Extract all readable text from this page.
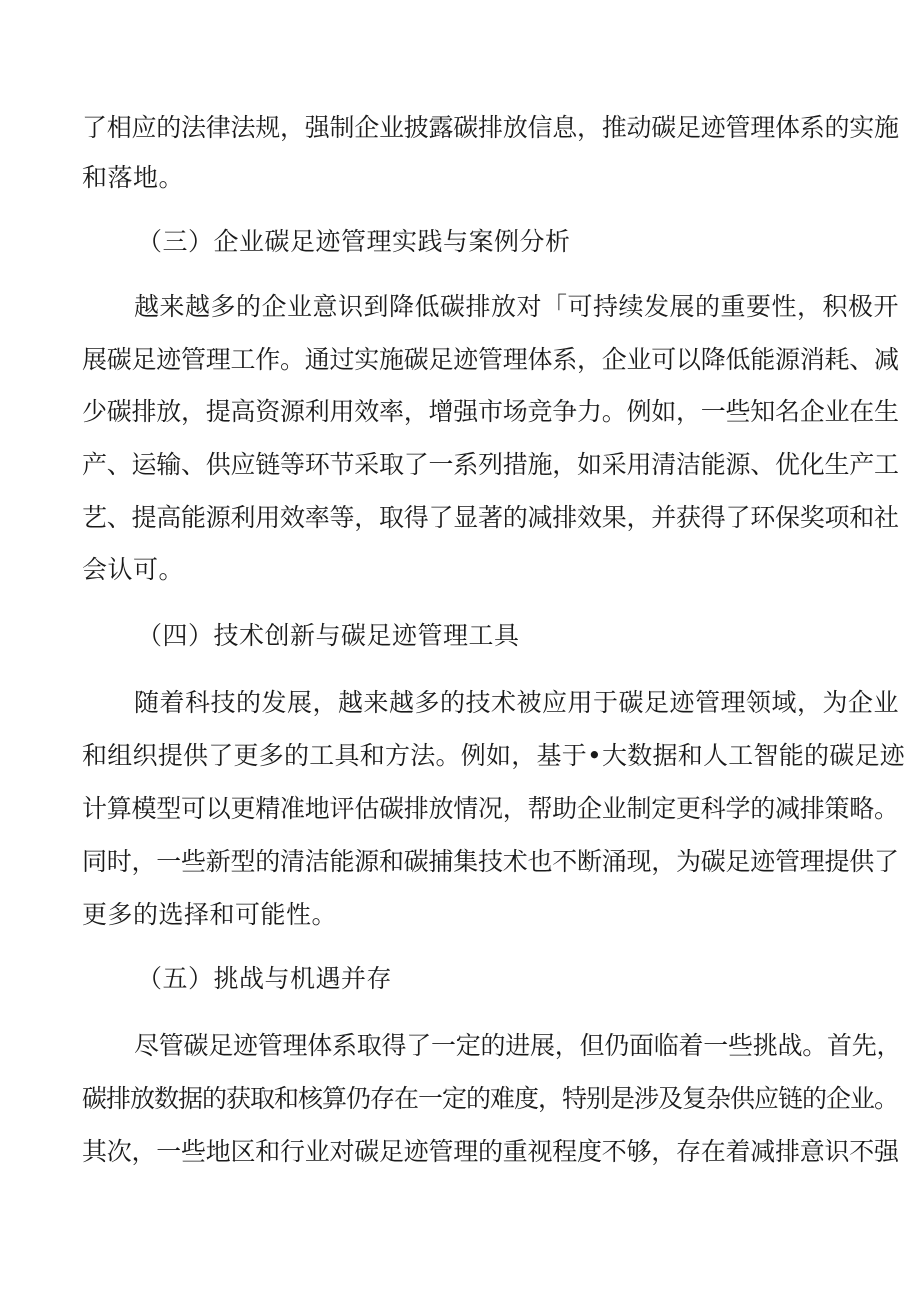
了相应的法律法规，强制企业披露碳排放信息，推动碳足迹管理体系的实施
和落地。
（三）企业碳足迹管理实践与案例分析
越来越多的企业意识到降低碳排放对「可持续发展的重要性，积极开
展碳足迹管理工作。通过实施碳足迹管理体系，企业可以降低能源消耗、减
少碳排放，提高资源利用效率，增强市场竞争力。例如，一些知名企业在生
产、运输、供应链等环节采取了一系列措施，如采用清洁能源、优化生产工
艺、提高能源利用效率等，取得了显著的减排效果，并获得了环保奖项和社
会认可。
（四）技术创新与碳足迹管理工具
随着科技的发展，越来越多的技术被应用于碳足迹管理领域，为企业
和组织提供了更多的工具和方法。例如，基于•大数据和人工智能的碳足迹
计算模型可以更精准地评估碳排放情况，帮助企业制定更科学的减排策略。
同时，一些新型的清洁能源和碳捕集技术也不断涌现，为碳足迹管理提供了
更多的选择和可能性。
（五）挑战与机遇并存
尽管碳足迹管理体系取得了一定的进展，但仍面临着一些挑战。首先，
碳排放数据的获取和核算仍存在一定的难度，特别是涉及复杂供应链的企业。
其次，一些地区和行业对碳足迹管理的重视程度不够，存在着减排意识不强
